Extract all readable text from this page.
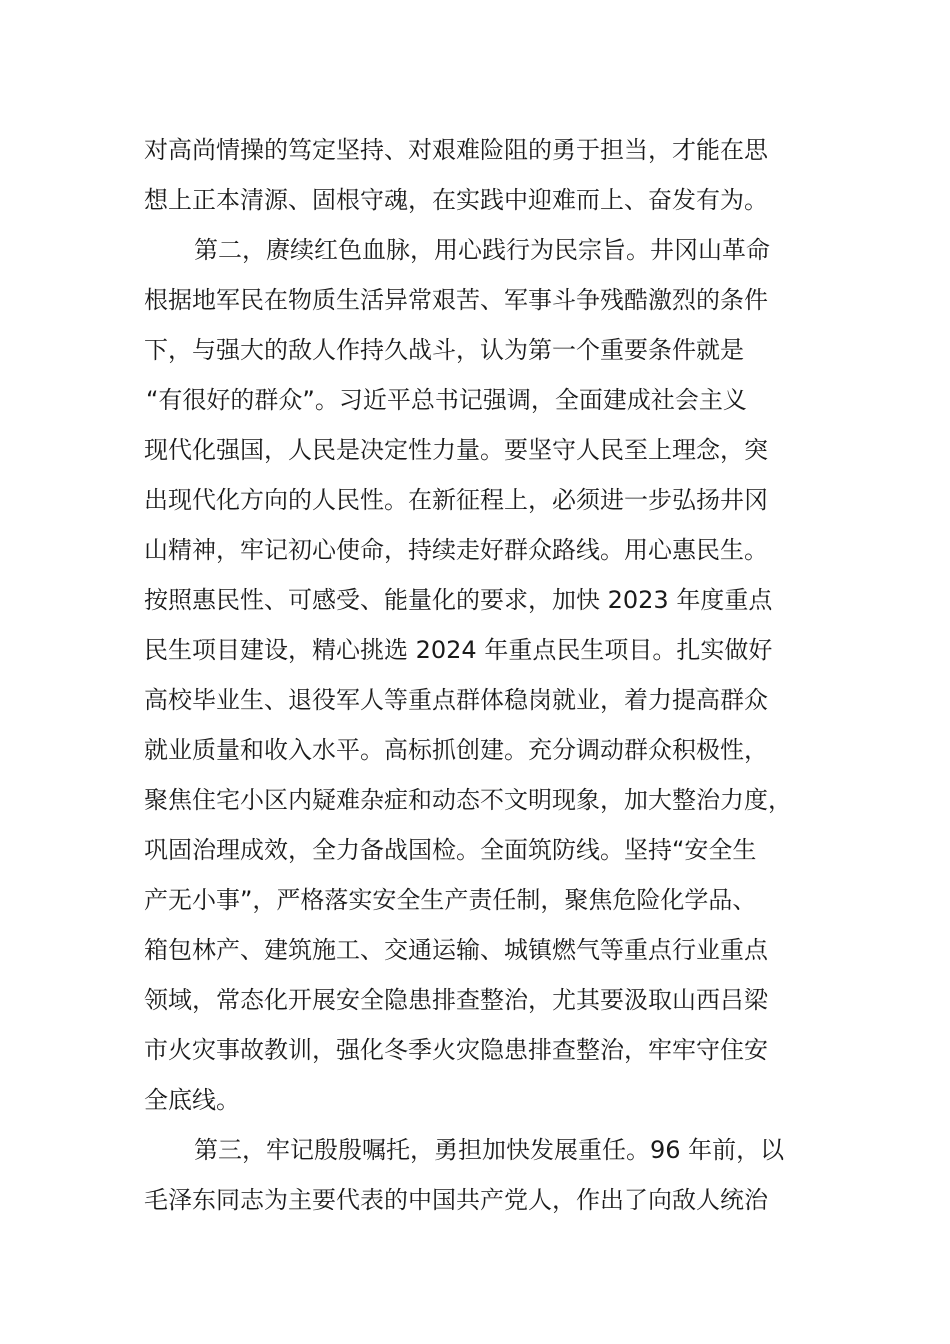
对高尚情操的笃定坚持、对艰难险阻的勇于担当，才能在思
想上正本清源、固根守魂，在实践中迎难而上、奋发有为。
第二，赓续红色血脉，用心践行为民宗旨。井冈山革命
根据地军民在物质生活异常艰苦、军事斗争残酷激烈的条件
下，与强大的敌人作持久战斗，认为第一个重要条件就是
“有很好的群众”。习近平总书记强调，全面建成社会主义
现代化强国，人民是决定性力量。要坚守人民至上理念，突
出现代化方向的人民性。在新征程上，必须进一步弘扬井冈
山精神，牢记初心使命，持续走好群众路线。用心惠民生。
按照惠民性、可感受、能量化的要求，加快 2023 年度重点
民生项目建设，精心挑选 2024 年重点民生项目。扎实做好
高校毕业生、退役军人等重点群体稳岗就业，着力提高群众
就业质量和收入水平。高标抓创建。充分调动群众积极性，
聚焦住宅小区内疑难杂症和动态不文明现象，加大整治力度，
巩固治理成效，全力备战国检。全面筑防线。坚持“安全生
产无小事”，严格落实安全生产责任制，聚焦危险化学品、
箱包林产、建筑施工、交通运输、城镇燃气等重点行业重点
领域，常态化开展安全隐患排查整治，尤其要汲取山西吕梁
市火灾事故教训，强化冬季火灾隐患排查整治，牢牢守住安
全底线。
第三，牢记殷殷嘱托，勇担加快发展重任。96 年前，以
毛泽东同志为主要代表的中国共产党人，作出了向敌人统治
